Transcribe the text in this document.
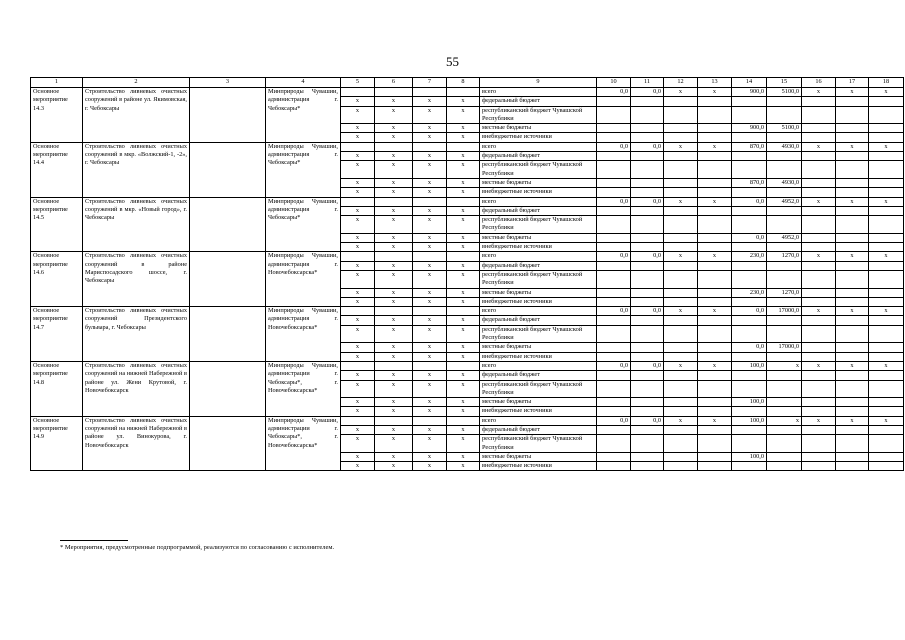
55
1	2	3	4	5	6	7	8	9	10	11	12	13	14	15	16	17	18
Основное мероприятие 14.3	Строительство ливневых очистных сооружений в районе ул. Якимовская, г. Чебоксары		Минприроды Чувашии, администрация г. Чебоксары*					всего	0,0	0,0	х	х	900,0	5100,0	х	х	х
				х	х	х	х	федеральный бюджет									
				х	х	х	х	республиканский бюджет Чувашской Республики									
				х	х	х	х	местные бюджеты					900,0	5100,0			
				х	х	х	х	внебюджетные источники									
Основное мероприятие 14.4	Строительство ливневых очистных сооружений в мкр. «Волжский-1, -2», г. Чебоксары		Минприроды Чувашии, администрация г. Чебоксары*					всего	0,0	0,0	х	х	870,0	4930,0	х	х	х
				х	х	х	х	федеральный бюджет									
				х	х	х	х	республиканский бюджет Чувашской Республики									
				х	х	х	х	местные бюджеты					870,0	4930,0			
				х	х	х	х	внебюджетные источники									
Основное мероприятие 14.5	Строительство ливневых очистных сооружений в мкр. «Новый город», г. Чебоксары		Минприроды Чувашии, администрация г. Чебоксары*					всего	0,0	0,0	х	х	0,0	4952,0	х	х	х
				х	х	х	х	федеральный бюджет									
				х	х	х	х	республиканский бюджет Чувашской Республики									
				х	х	х	х	местные бюджеты					0,0	4952,0			
				х	х	х	х	внебюджетные источники									
Основное мероприятие 14.6	Строительство ливневых очистных сооружений в районе Мариспосадского шоссе, г. Чебоксары		Минприроды Чувашии, администрация г. Новочебоксарска*					всего	0,0	0,0	х	х	230,0	1270,0	х	х	х
				х	х	х	х	федеральный бюджет									
				х	х	х	х	республиканский бюджет Чувашской Республики									
				х	х	х	х	местные бюджеты					230,0	1270,0			
				х	х	х	х	внебюджетные источники									
Основное мероприятие 14.7	Строительство ливневых очистных сооружений Президентского бульвара, г. Чебоксары		Минприроды Чувашии, администрация г. Новочебоксарска*					всего	0,0	0,0	х	х	0,0	17000,0	х	х	х
				х	х	х	х	федеральный бюджет									
				х	х	х	х	республиканский бюджет Чувашской Республики									
				х	х	х	х	местные бюджеты					0,0	17000,0			
				х	х	х	х	внебюджетные источники									
Основное мероприятие 14.8	Строительство ливневых очистных сооружений на нижней Набережной в районе ул. Жени Крутовой, г. Новочебоксарск		Минприроды Чувашии, администрации г. Чебоксары*, г. Новочебоксарска*					всего	0,0	0,0	х	х	100,0	х	х	х	х
				х	х	х	х	федеральный бюджет									
				х	х	х	х	республиканский бюджет Чувашской Республики									
				х	х	х	х	местные бюджеты					100,0				
				х	х	х	х	внебюджетные источники									
Основное мероприятие 14.9	Строительство ливневых очистных сооружений на нижней Набережной в районе ул. Винокурова, г. Новочебоксарск		Минприроды Чувашии, администрации г. Чебоксары*, г. Новочебоксарска*					всего	0,0	0,0	х	х	100,0	х	х	х	х
				х	х	х	х	федеральный бюджет									
				х	х	х	х	республиканский бюджет Чувашской Республики									
				х	х	х	х	местные бюджеты					100,0				
				х	х	х	х	внебюджетные источники									
* Мероприятия, предусмотренные подпрограммой, реализуются по согласованию с исполнителем.
